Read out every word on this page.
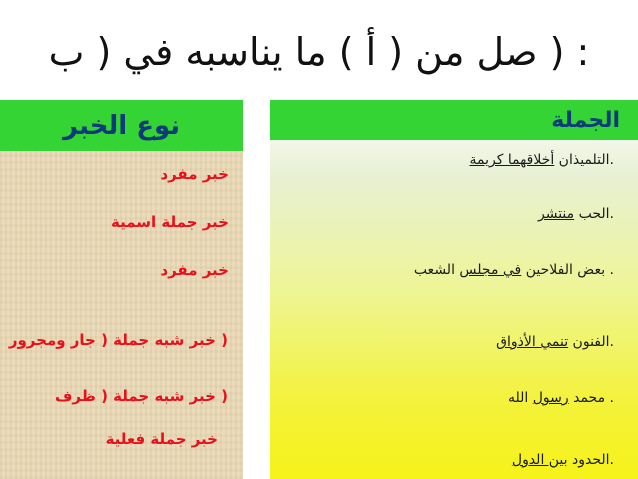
: ( صل من ( أ ) ما يناسبه في ( ب
نوع الخبر
خبر مفرد
خبر جملة اسمية
خبر مفرد
( خبر شبه جملة ( جار ومجرور
( خبر شبه جملة ( ظرف
خبر جملة فعلية
الجملة
.التلميذان أخلاقهما كريمة
.الحب منتشر
. بعض الفلاحين في مجلس الشعب
.الفنون تنمي الأذواق
. محمد رسول الله
.الحدود بين الدول
